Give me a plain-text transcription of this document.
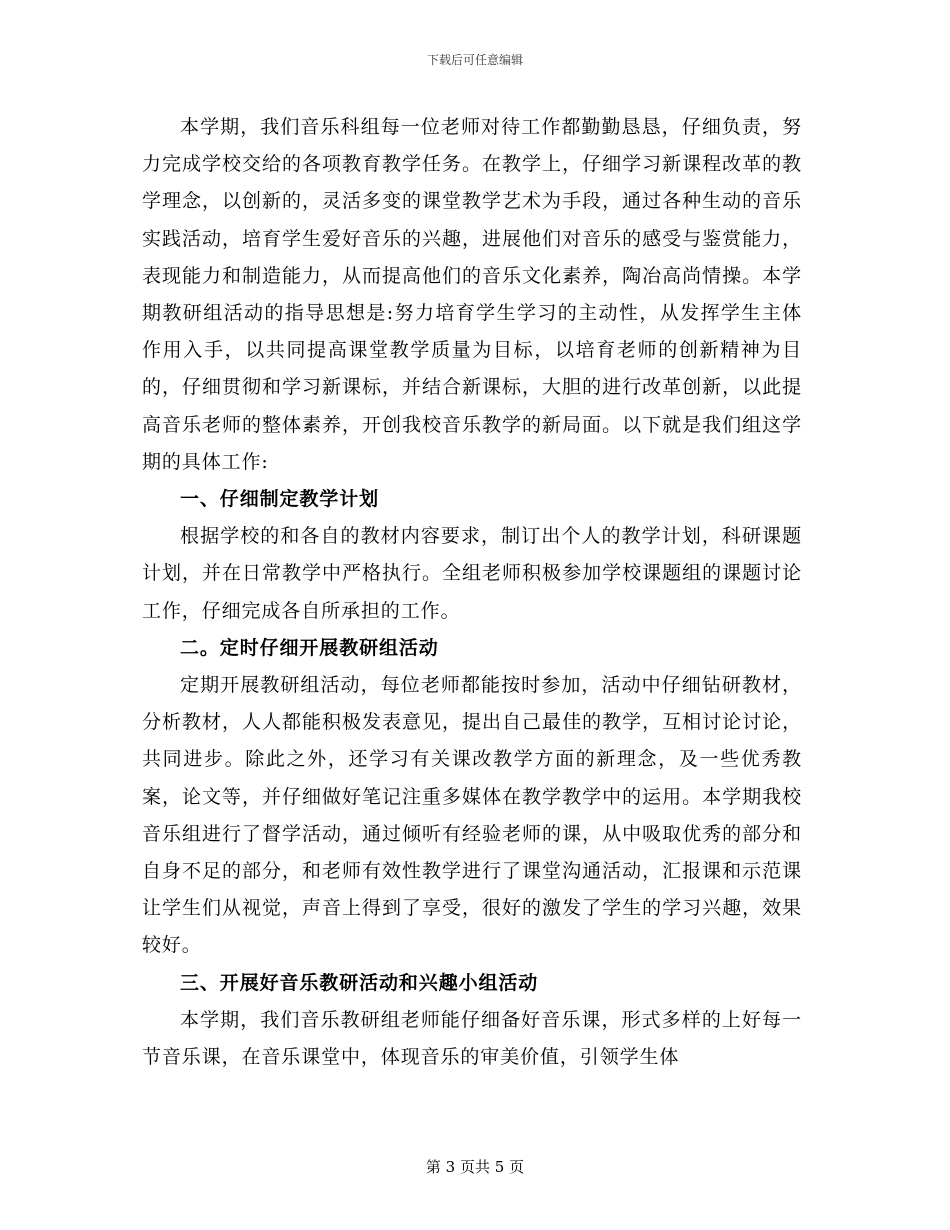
下载后可任意编辑

本学期，我们音乐科组每一位老师对待工作都勤勤恳恳，仔细负责，努力完成学校交给的各项教育教学任务。在教学上，仔细学习新课程改革的教学理念，以创新的，灵活多变的课堂教学艺术为手段，通过各种生动的音乐实践活动，培育学生爱好音乐的兴趣，进展他们对音乐的感受与鉴赏能力，表现能力和制造能力，从而提高他们的音乐文化素养，陶冶高尚情操。本学期教研组活动的指导思想是:努力培育学生学习的主动性，从发挥学生主体作用入手，以共同提高课堂教学质量为目标，以培育老师的创新精神为目的，仔细贯彻和学习新课标，并结合新课标，大胆的进行改革创新，以此提高音乐老师的整体素养，开创我校音乐教学的新局面。以下就是我们组这学期的具体工作:

一、仔细制定教学计划

根据学校的和各自的教材内容要求，制订出个人的教学计划，科研课题计划，并在日常教学中严格执行。全组老师积极参加学校课题组的课题讨论工作，仔细完成各自所承担的工作。

二。定时仔细开展教研组活动

定期开展教研组活动，每位老师都能按时参加，活动中仔细钻研教材，分析教材，人人都能积极发表意见，提出自己最佳的教学，互相讨论讨论，共同进步。除此之外，还学习有关课改教学方面的新理念，及一些优秀教案，论文等，并仔细做好笔记注重多媒体在教学教学中的运用。本学期我校音乐组进行了督学活动，通过倾听有经验老师的课，从中吸取优秀的部分和自身不足的部分，和老师有效性教学进行了课堂沟通活动，汇报课和示范课让学生们从视觉，声音上得到了享受，很好的激发了学生的学习兴趣，效果较好。

三、开展好音乐教研活动和兴趣小组活动

本学期，我们音乐教研组老师能仔细备好音乐课，形式多样的上好每一节音乐课，在音乐课堂中，体现音乐的审美价值，引领学生体

第 3 页共 5 页
